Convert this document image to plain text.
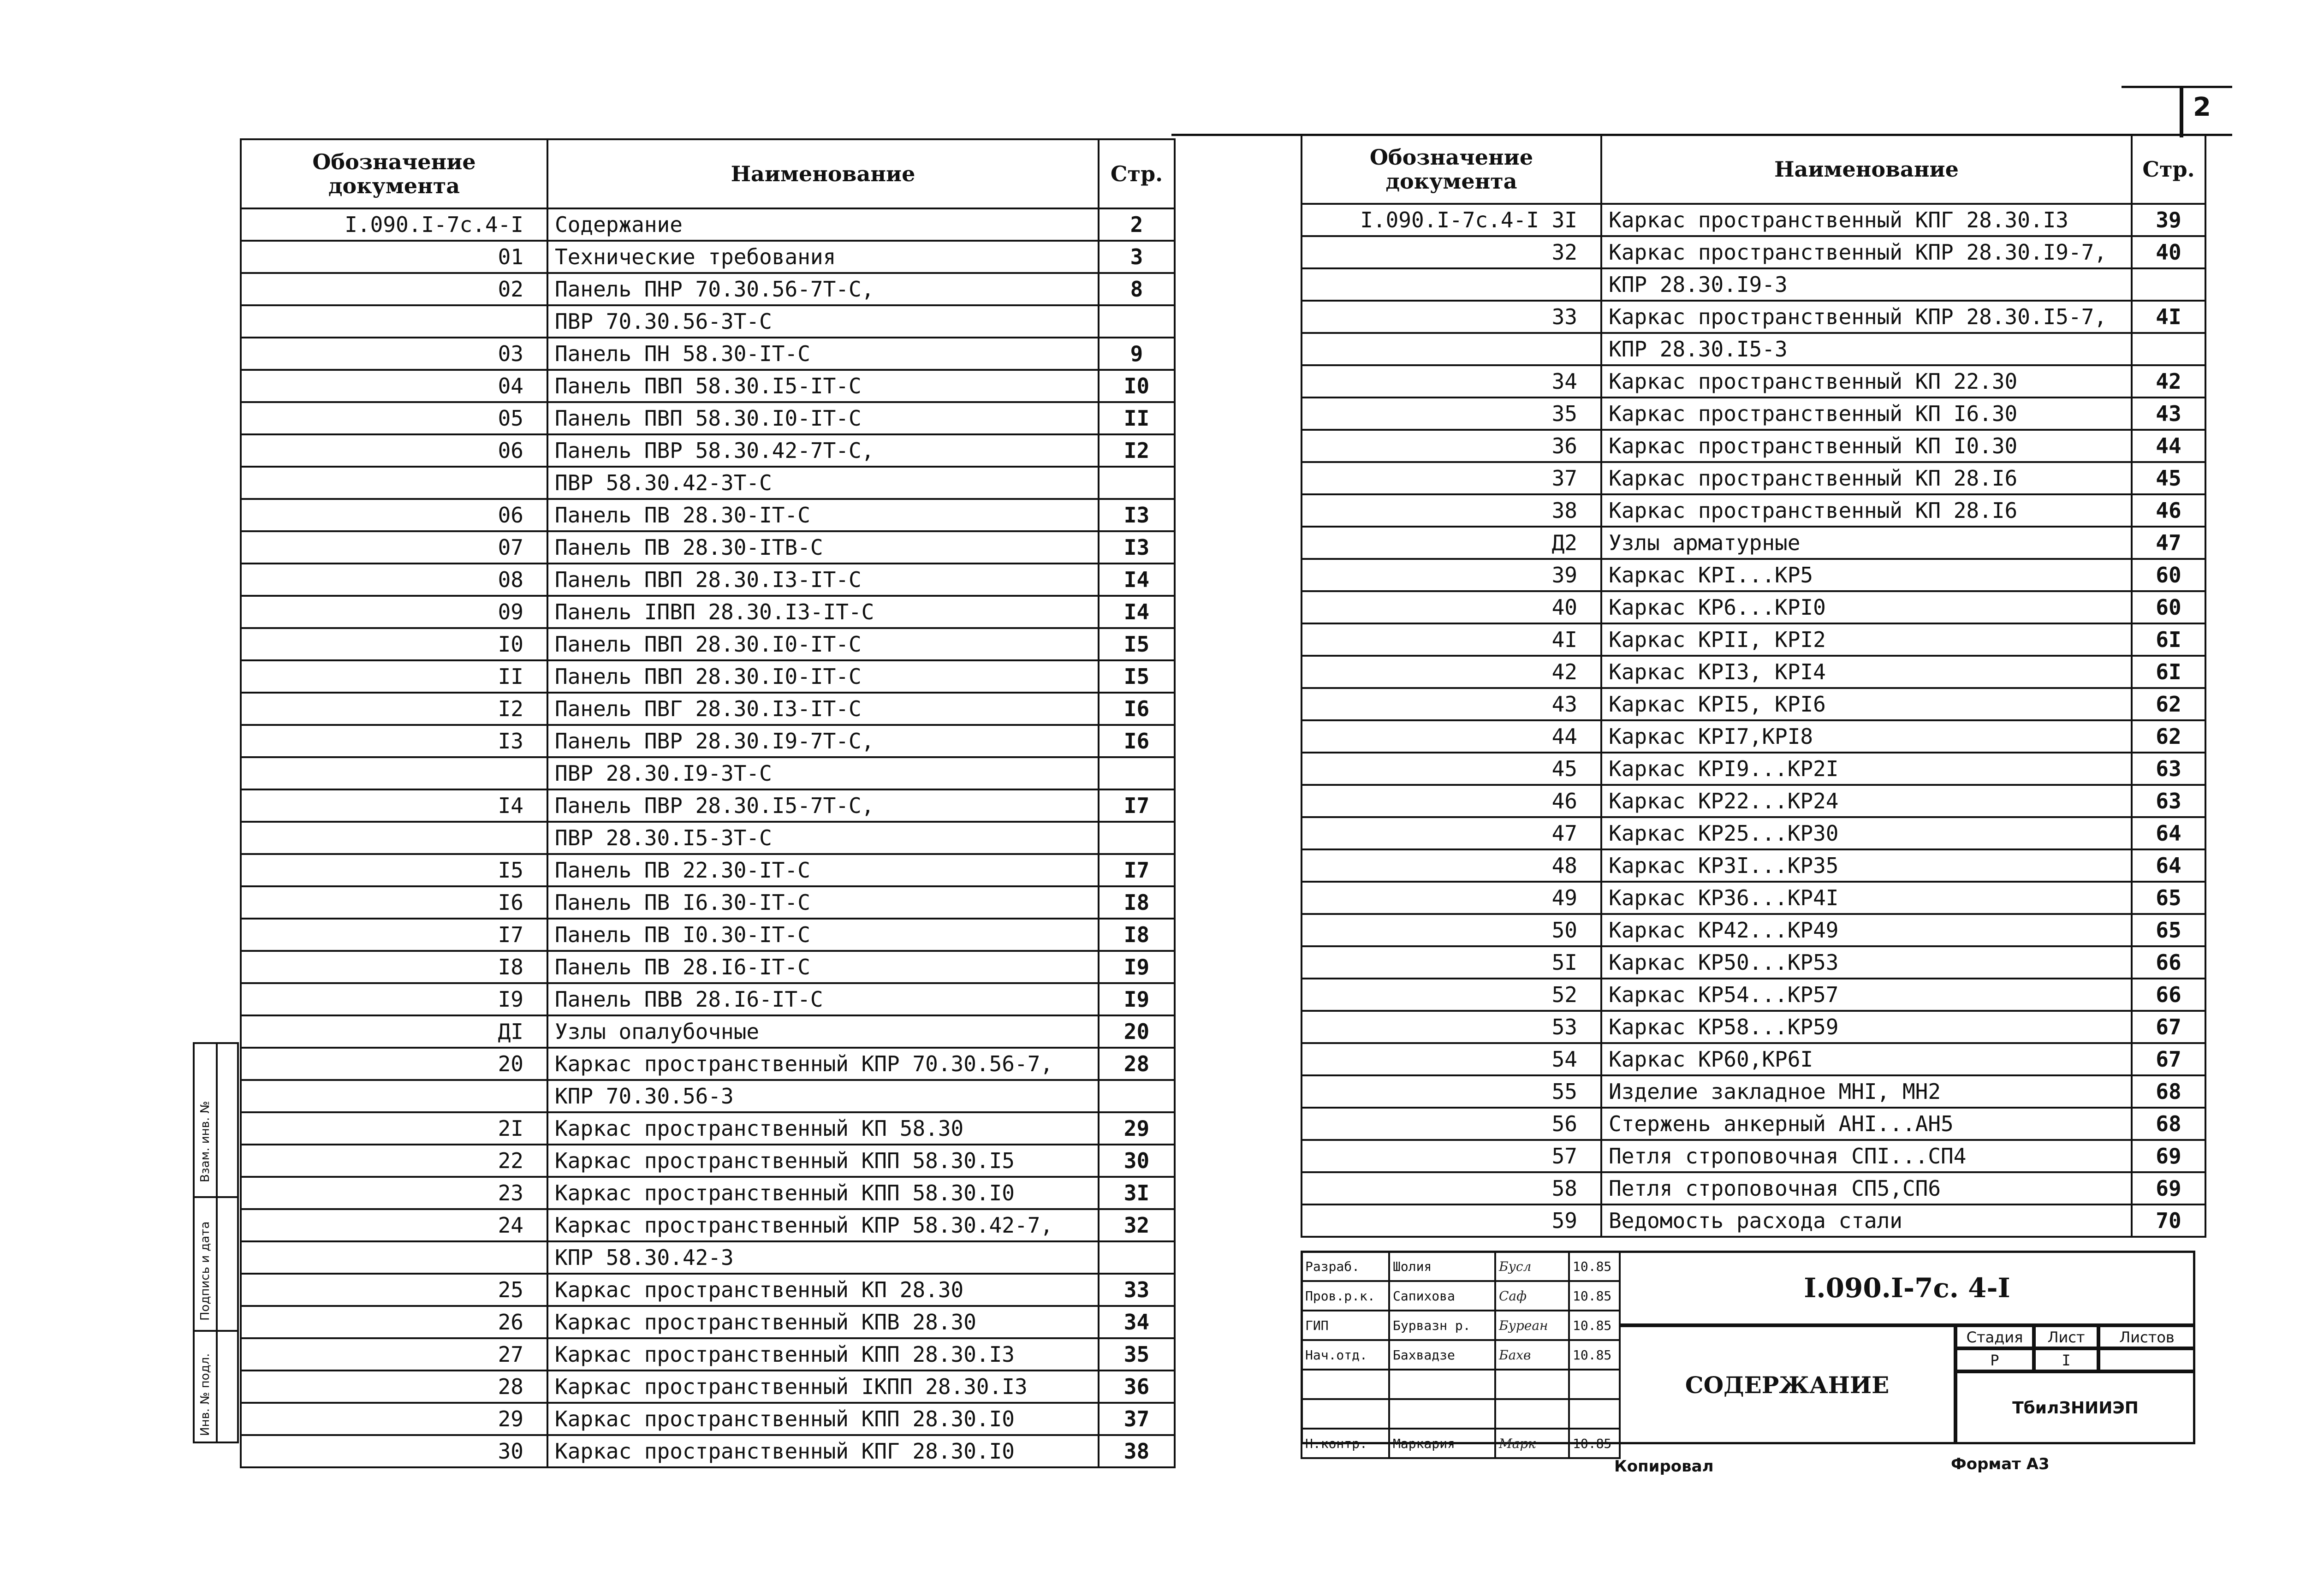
2
Обозначение документа	Наименование	Стр.
I.090.I-7с.4-I	Содержание	2
01	Технические требования	3
02	Панель ПНР 70.30.56-7Т-С,	8
	ПВР 70.30.56-3Т-С	
03	Панель ПН 58.30-IТ-С	9
04	Панель ПВП 58.30.I5-IТ-С	I0
05	Панель ПВП 58.30.I0-IТ-С	II
06	Панель ПВР 58.30.42-7Т-С,	I2
	ПВР 58.30.42-3Т-С	
06	Панель ПВ 28.30-IТ-С	I3
07	Панель ПВ 28.30-IТВ-С	I3
08	Панель ПВП 28.30.I3-IТ-С	I4
09	Панель IПВП 28.30.I3-IТ-С	I4
I0	Панель ПВП 28.30.I0-IТ-С	I5
II	Панель ПВП 28.30.I0-IТ-С	I5
I2	Панель ПВГ 28.30.I3-IТ-С	I6
I3	Панель ПВР 28.30.I9-7Т-С,	I6
	ПВР 28.30.I9-3Т-С	
I4	Панель ПВР 28.30.I5-7Т-С,	I7
	ПВР 28.30.I5-3Т-С	
I5	Панель ПВ 22.30-IТ-С	I7
I6	Панель ПВ I6.30-IТ-С	I8
I7	Панель ПВ I0.30-IТ-С	I8
I8	Панель ПВ 28.I6-IТ-С	I9
I9	Панель ПВВ 28.I6-IТ-С	I9
ДI	Узлы опалубочные	20
20	Каркас пространственный КПР 70.30.56-7,	28
	КПР 70.30.56-3	
2I	Каркас пространственный КП 58.30	29
22	Каркас пространственный КПП 58.30.I5	30
23	Каркас пространственный КПП 58.30.I0	3I
24	Каркас пространственный КПР 58.30.42-7,	32
	КПР 58.30.42-3	
25	Каркас пространственный КП 28.30	33
26	Каркас пространственный КПВ 28.30	34
27	Каркас пространственный КПП 28.30.I3	35
28	Каркас пространственный IКПП 28.30.I3	36
29	Каркас пространственный КПП 28.30.I0	37
30	Каркас пространственный КПГ 28.30.I0	38
Обозначение документа	Наименование	Стр.
I.090.I-7с.4-I 3I	Каркас пространственный КПГ 28.30.I3	39
32	Каркас пространственный КПР 28.30.I9-7,	40
	КПР 28.30.I9-3	
33	Каркас пространственный КПР 28.30.I5-7,	4I
	КПР 28.30.I5-3	
34	Каркас пространственный КП 22.30	42
35	Каркас пространственный КП I6.30	43
36	Каркас пространственный КП I0.30	44
37	Каркас пространственный КП 28.I6	45
38	Каркас пространственный КП 28.I6	46
Д2	Узлы арматурные	47
39	Каркас КРI...КР5	60
40	Каркас КР6...КРI0	60
4I	Каркас КРII, КРI2	6I
42	Каркас КРI3, КРI4	6I
43	Каркас КРI5, КРI6	62
44	Каркас КРI7,КРI8	62
45	Каркас КРI9...КР2I	63
46	Каркас КР22...КР24	63
47	Каркас КР25...КР30	64
48	Каркас КР3I...КР35	64
49	Каркас КР36...КР4I	65
50	Каркас КР42...КР49	65
5I	Каркас КР50...КР53	66
52	Каркас КР54...КР57	66
53	Каркас КР58...КР59	67
54	Каркас КР60,КР6I	67
55	Изделие закладное МНI, МН2	68
56	Стержень анкерный АНI...АН5	68
57	Петля строповочная СПI...СП4	69
58	Петля строповочная СП5,СП6	69
59	Ведомость расхода стали	70
Разраб.	Шолия	Бусл	10.85
Пров.р.к.	Сапихова	Саф	10.85
ГИП	Бурвазн р.	Буреан	10.85
Нач.отд.	Бахвадзе	Бахв	10.85

Н.контр.	Маркария	Марк	10.85
I.090.I-7с. 4-I
СОДЕРЖАНИЕ
Стадия	Лист	Листов
Р	I
ТбилЗНИИЭП
Копировал	Формат А3
Взам. инв. №
Подпись и дата
Инв. № подл.
